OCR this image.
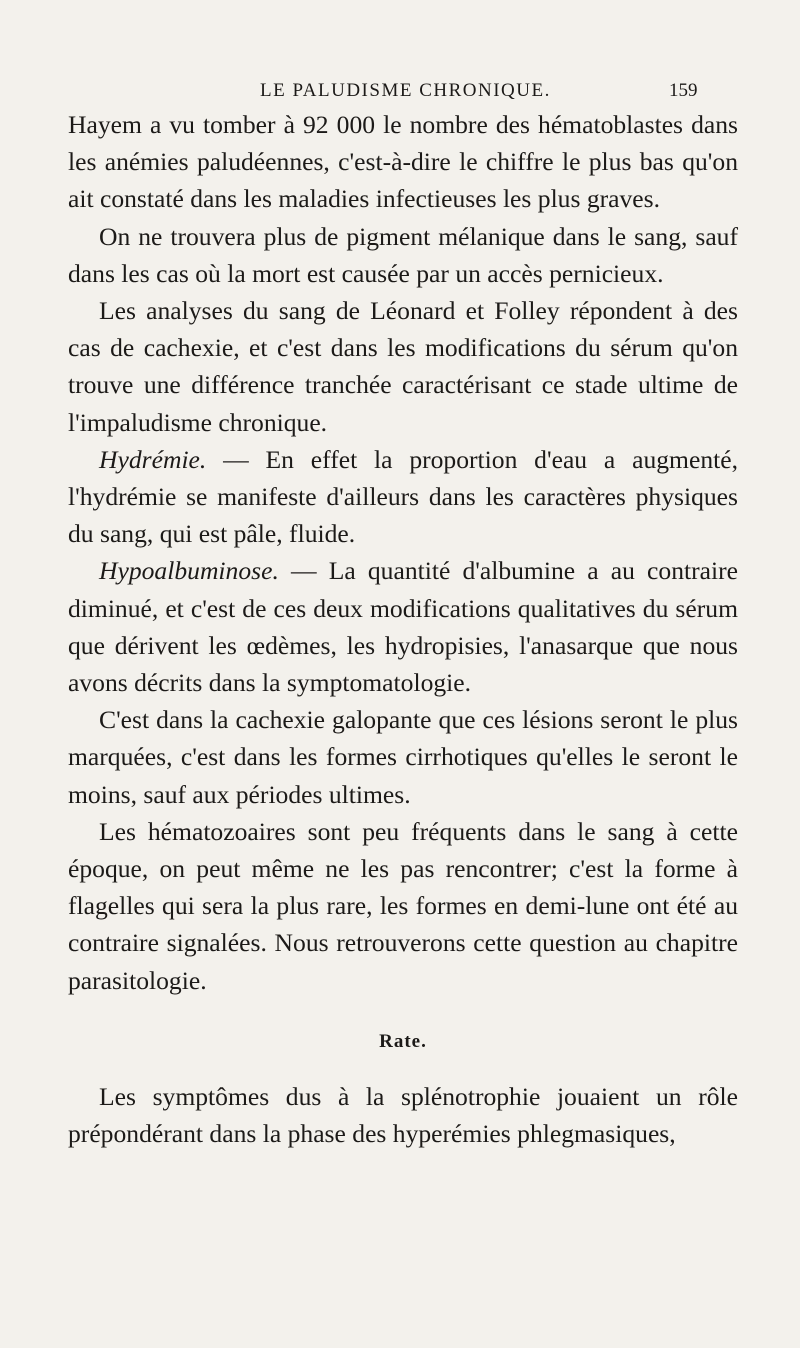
LE PALUDISME CHRONIQUE.	159

Hayem a vu tomber à 92 000 le nombre des hématoblastes dans les anémies paludéennes, c'est-à-dire le chiffre le plus bas qu'on ait constaté dans les maladies infectieuses les plus graves.

On ne trouvera plus de pigment mélanique dans le sang, sauf dans les cas où la mort est causée par un accès pernicieux.

Les analyses du sang de Léonard et Folley répondent à des cas de cachexie, et c'est dans les modifications du sérum qu'on trouve une différence tranchée caractérisant ce stade ultime de l'impaludisme chronique.

Hydrémie. — En effet la proportion d'eau a augmenté, l'hydrémie se manifeste d'ailleurs dans les caractères physiques du sang, qui est pâle, fluide.

Hypoalbuminose. — La quantité d'albumine a au contraire diminué, et c'est de ces deux modifications qualitatives du sérum que dérivent les œdèmes, les hydropisies, l'anasarque que nous avons décrits dans la symptomatologie.

C'est dans la cachexie galopante que ces lésions seront le plus marquées, c'est dans les formes cirrhotiques qu'elles le seront le moins, sauf aux périodes ultimes.

Les hématozoaires sont peu fréquents dans le sang à cette époque, on peut même ne les pas rencontrer; c'est la forme à flagelles qui sera la plus rare, les formes en demi-lune ont été au contraire signalées. Nous retrouverons cette question au chapitre parasitologie.

Rate.

Les symptômes dus à la splénotrophie jouaient un rôle prépondérant dans la phase des hyperémies phlegmasiques,
